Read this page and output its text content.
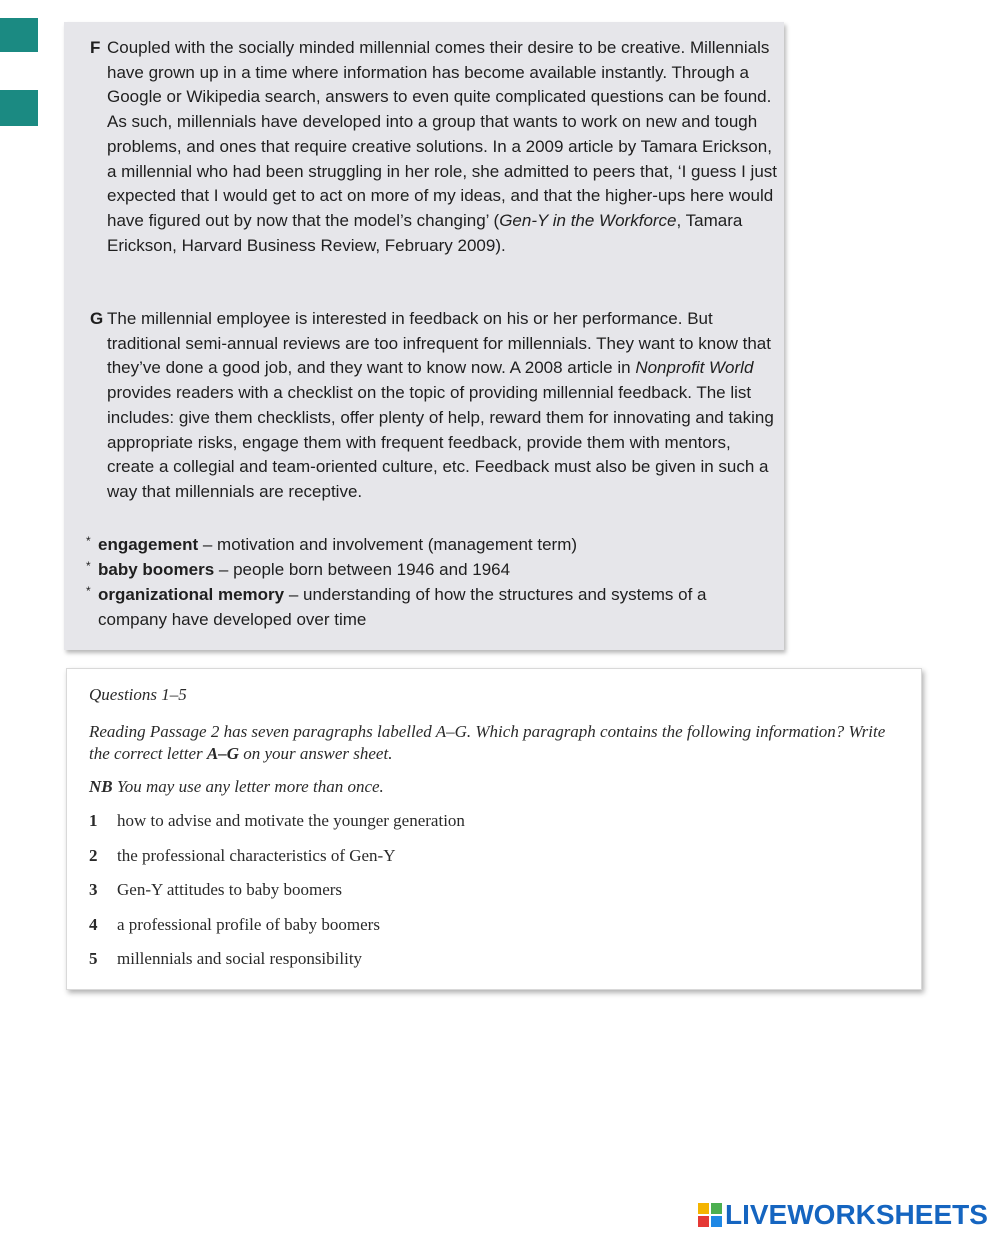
F Coupled with the socially minded millennial comes their desire to be creative. Millennials have grown up in a time where information has become available instantly. Through a Google or Wikipedia search, answers to even quite complicated questions can be found. As such, millennials have developed into a group that wants to work on new and tough problems, and ones that require creative solutions. In a 2009 article by Tamara Erickson, a millennial who had been struggling in her role, she admitted to peers that, ‘I guess I just expected that I would get to act on more of my ideas, and that the higher-ups here would have figured out by now that the model’s changing’ (Gen-Y in the Workforce, Tamara Erickson, Harvard Business Review, February 2009).
G The millennial employee is interested in feedback on his or her performance. But traditional semi-annual reviews are too infrequent for millennials. They want to know that they’ve done a good job, and they want to know now. A 2008 article in Nonprofit World provides readers with a checklist on the topic of providing millennial feedback. The list includes: give them checklists, offer plenty of help, reward them for innovating and taking appropriate risks, engage them with frequent feedback, provide them with mentors, create a collegial and team-oriented culture, etc. Feedback must also be given in such a way that millennials are receptive.
* engagement – motivation and involvement (management term)
* baby boomers – people born between 1946 and 1964
* organizational memory – understanding of how the structures and systems of a company have developed over time
Questions 1–5
Reading Passage 2 has seven paragraphs labelled A–G. Which paragraph contains the following information? Write the correct letter A–G on your answer sheet.
NB You may use any letter more than once.
1 how to advise and motivate the younger generation
2 the professional characteristics of Gen-Y
3 Gen-Y attitudes to baby boomers
4 a professional profile of baby boomers
5 millennials and social responsibility
LIVEWORKSHEETS
